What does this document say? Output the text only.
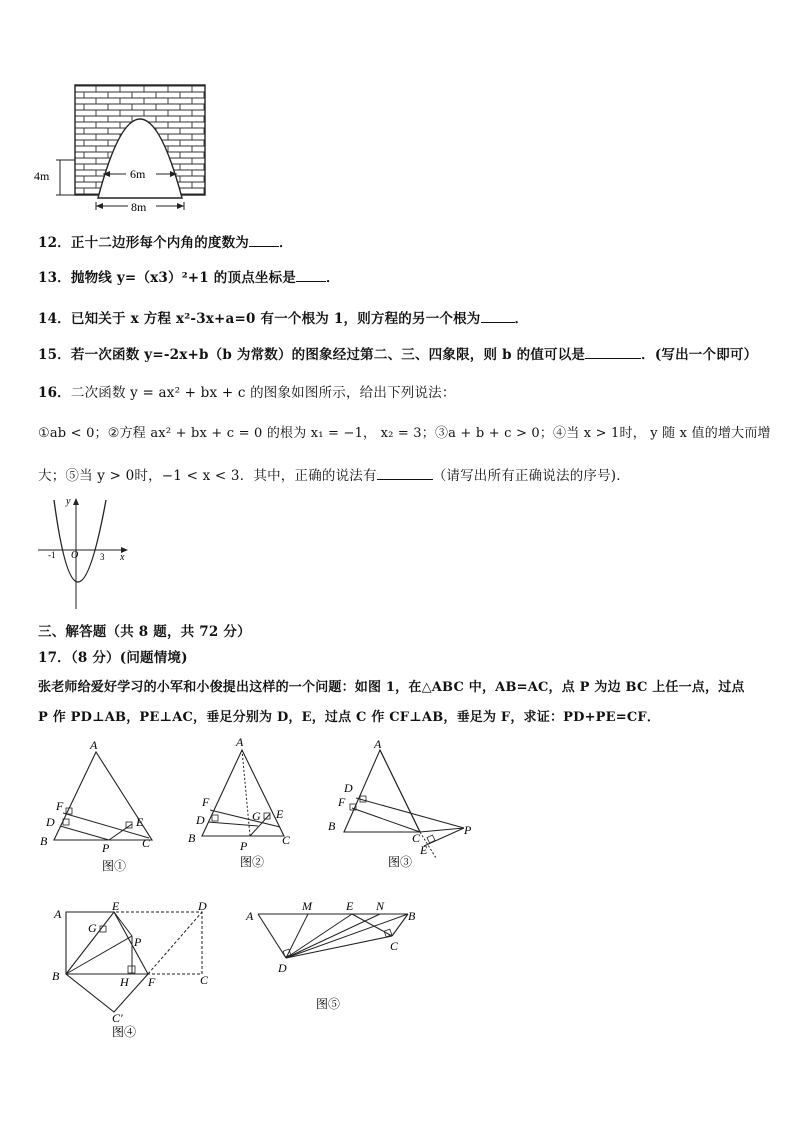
4m	6m
8m
12．正十二边形每个内角的度数为 ．
13．抛物线 y=（x3）²+1 的顶点坐标是 ．
14．已知关于 x 方程 x²-3x+a=0 有一个根为 1，则方程的另一个根为	．
15．若一次函数 y=-2x+b（b 为常数）的图象经过第二、三、四象限，则 b 的值可以是	．(写出一个即可）
16．二次函数 y = ax² + bx + c 的图象如图所示，给出下列说法：
①ab < 0；②方程 ax² + bx + c = 0 的根为 x₁ = −1， x₂ = 3；③a + b + c > 0；④当 x > 1时， y 随 x 值的增大而增
大；⑤当 y > 0时，−1 < x < 3．其中，正确的说法有	（请写出所有正确说法的序号)．
y
x
O
-1	3
三、解答题（共 8 题，共 72 分）
17．（8 分）(问题情境)
张老师给爱好学习的小军和小俊提出这样的一个问题：如图 1，在△ABC 中，AB=AC，点 P 为边 BC 上任一点，过点
P 作 PD⊥AB，PE⊥AC，垂足分别为 D，E，过点 C 作 CF⊥AB，垂足为 F，求证：PD+PE=CF．
A
B	C
D	E
F
P
图①
A
B	C
D	E
F
G
P
图②
A
B
C
D
E
F
P
图③
A
B	C
D
E
F
G
H
P
C′
图④
A	B
C
D
E
M	N
图⑤
